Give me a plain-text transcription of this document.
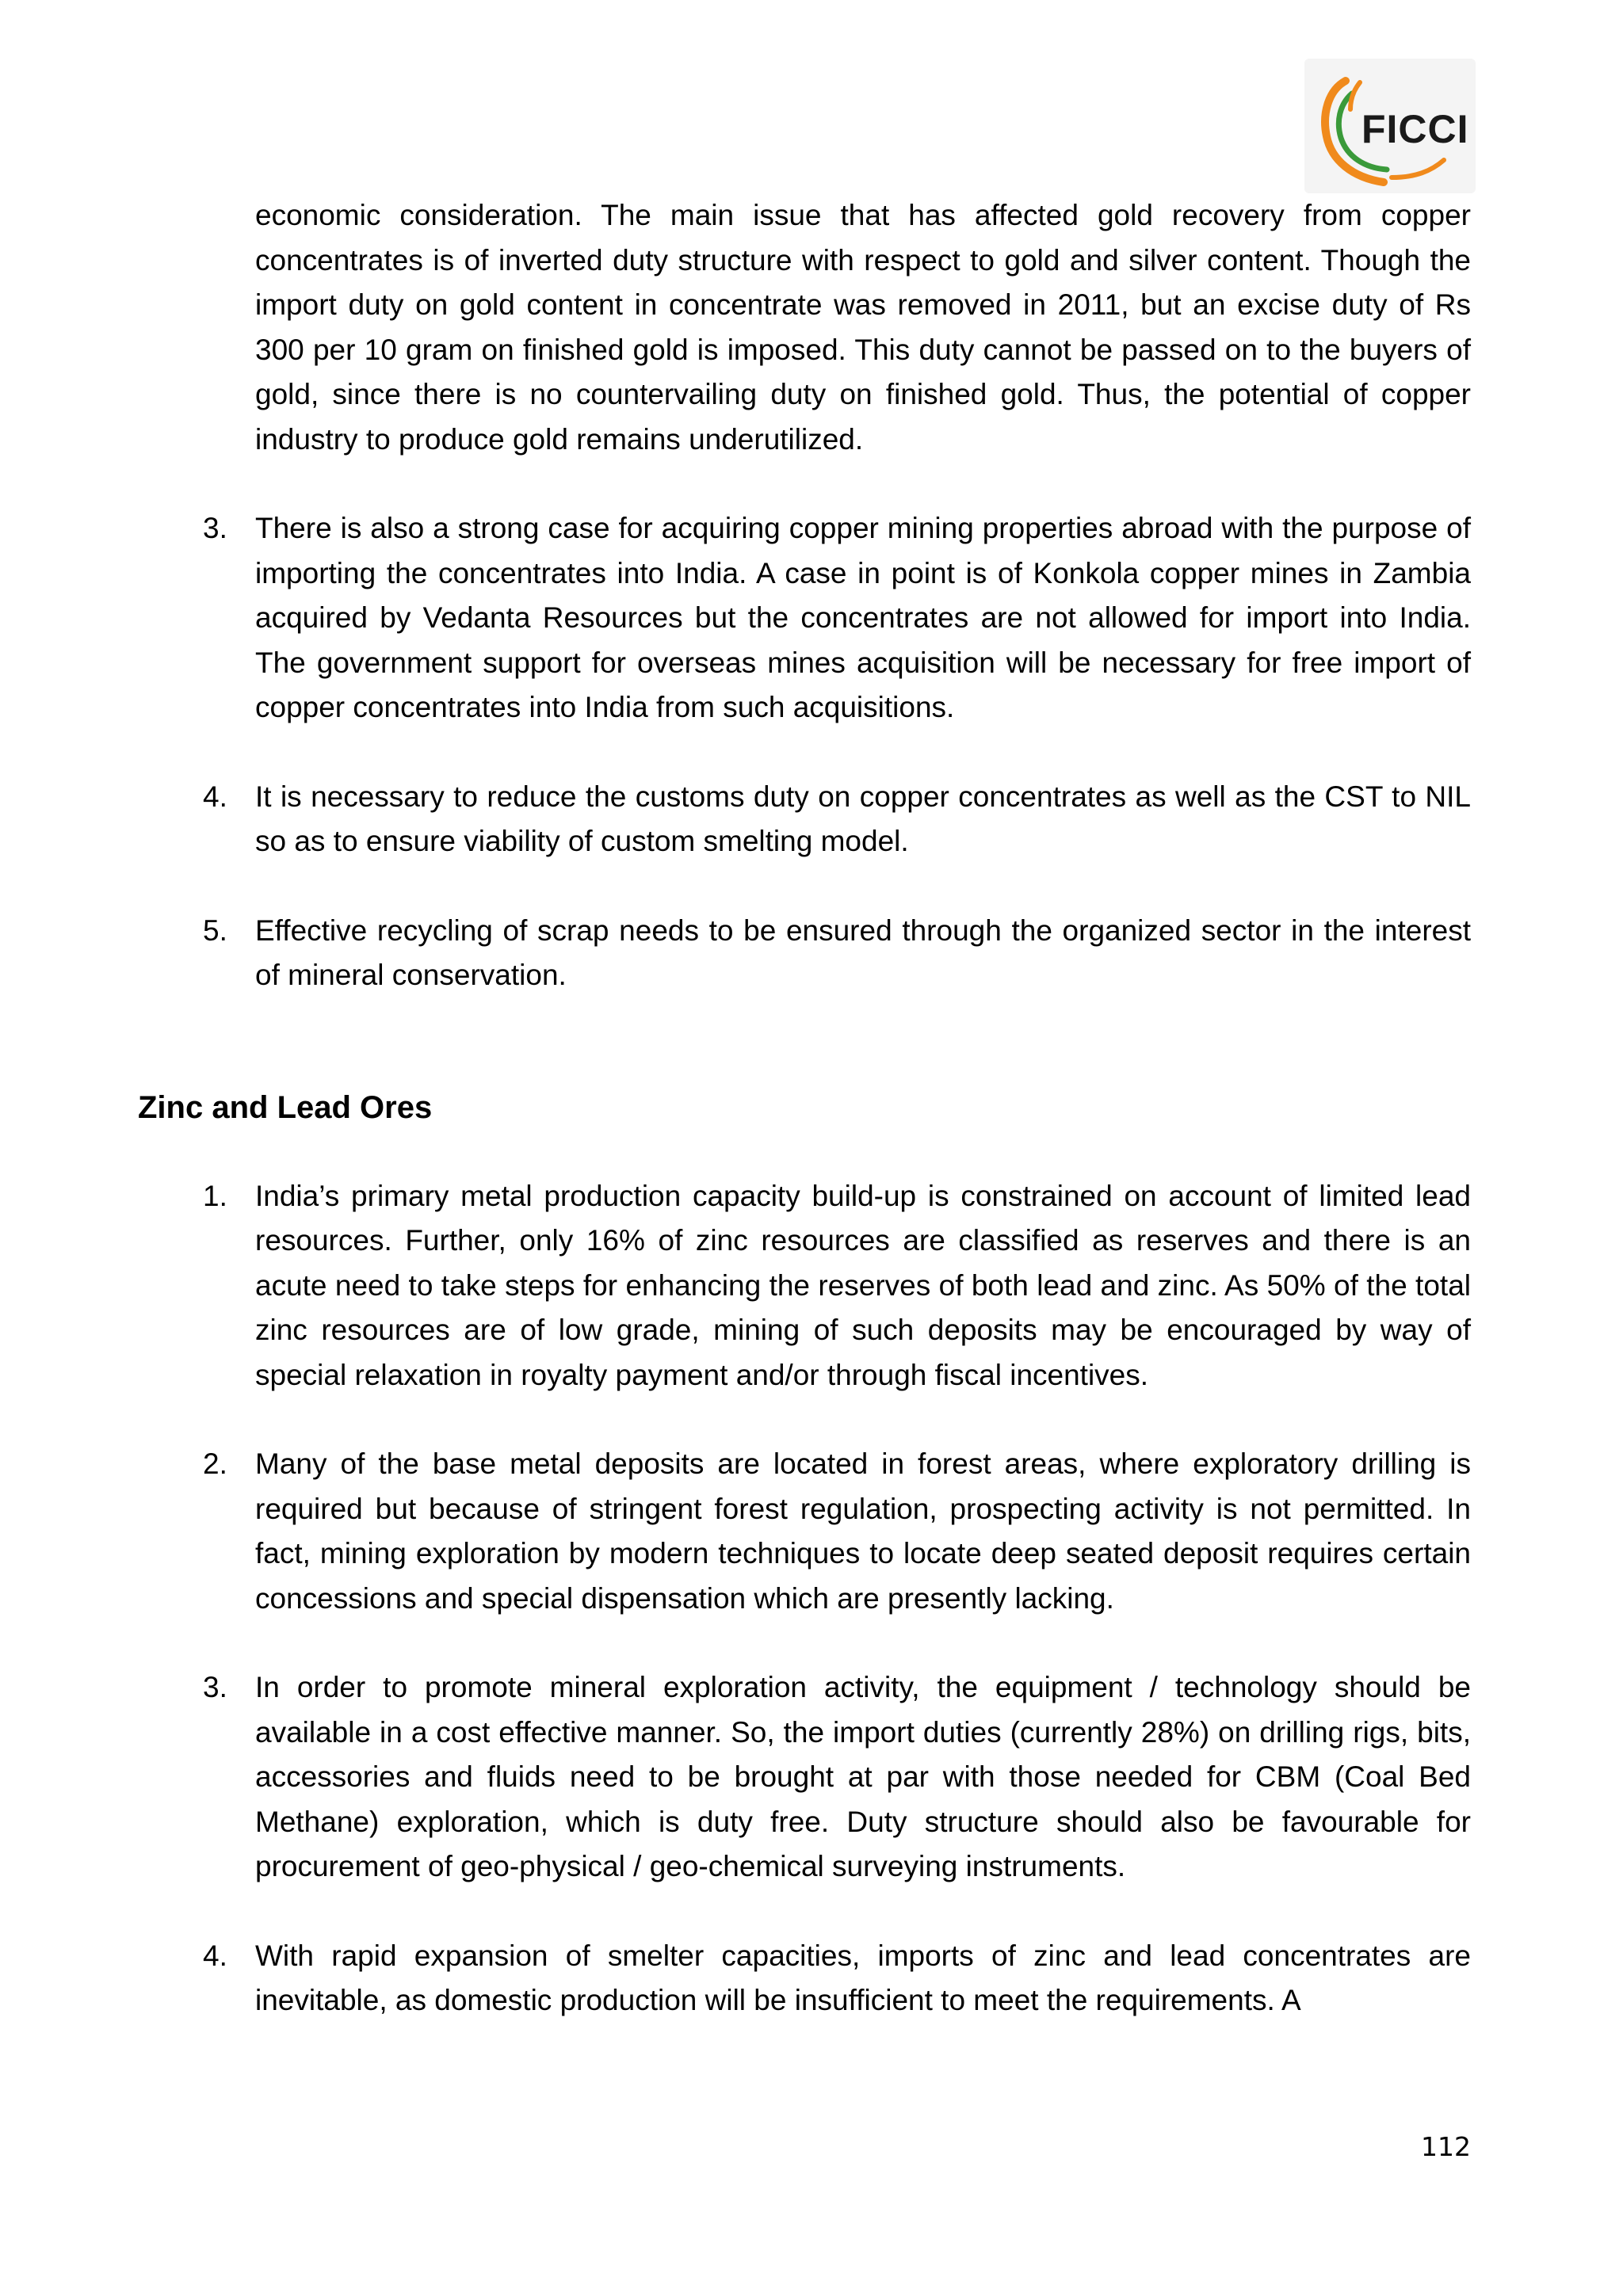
FICCI

economic consideration. The main issue that has affected gold recovery from copper concentrates is of inverted duty structure with respect to gold and silver content. Though the import duty on gold content in concentrate was removed in 2011, but an excise duty of Rs 300 per 10 gram on finished gold is imposed. This duty cannot be passed on to the buyers of gold, since there is no countervailing duty on finished gold. Thus, the potential of copper industry to produce gold remains underutilized.

3. There is also a strong case for acquiring copper mining properties abroad with the purpose of importing the concentrates into India. A case in point is of Konkola copper mines in Zambia acquired by Vedanta Resources but the concentrates are not allowed for import into India. The government support for overseas mines acquisition will be necessary for free import of copper concentrates into India from such acquisitions.
4. It is necessary to reduce the customs duty on copper concentrates as well as the CST to NIL so as to ensure viability of custom smelting model.
5. Effective recycling of scrap needs to be ensured through the organized sector in the interest of mineral conservation.
Zinc and Lead Ores
1. India’s primary metal production capacity build-up is constrained on account of limited lead resources. Further, only 16% of zinc resources are classified as reserves and there is an acute need to take steps for enhancing the reserves of both lead and zinc. As 50% of the total zinc resources are of low grade, mining of such deposits may be encouraged by way of special relaxation in royalty payment and/or through fiscal incentives.
2. Many of the base metal deposits are located in forest areas, where exploratory drilling is required but because of stringent forest regulation, prospecting activity is not permitted. In fact, mining exploration by modern techniques to locate deep seated deposit requires certain concessions and special dispensation which are presently lacking.
3. In order to promote mineral exploration activity, the equipment / technology should be available in a cost effective manner. So, the import duties (currently 28%) on drilling rigs, bits, accessories and fluids need to be brought at par with those needed for CBM (Coal Bed Methane) exploration, which is duty free. Duty structure should also be favourable for procurement of geo-physical / geo-chemical surveying instruments.
4. With rapid expansion of smelter capacities, imports of zinc and lead concentrates are inevitable, as domestic production will be insufficient to meet the requirements. A
112
